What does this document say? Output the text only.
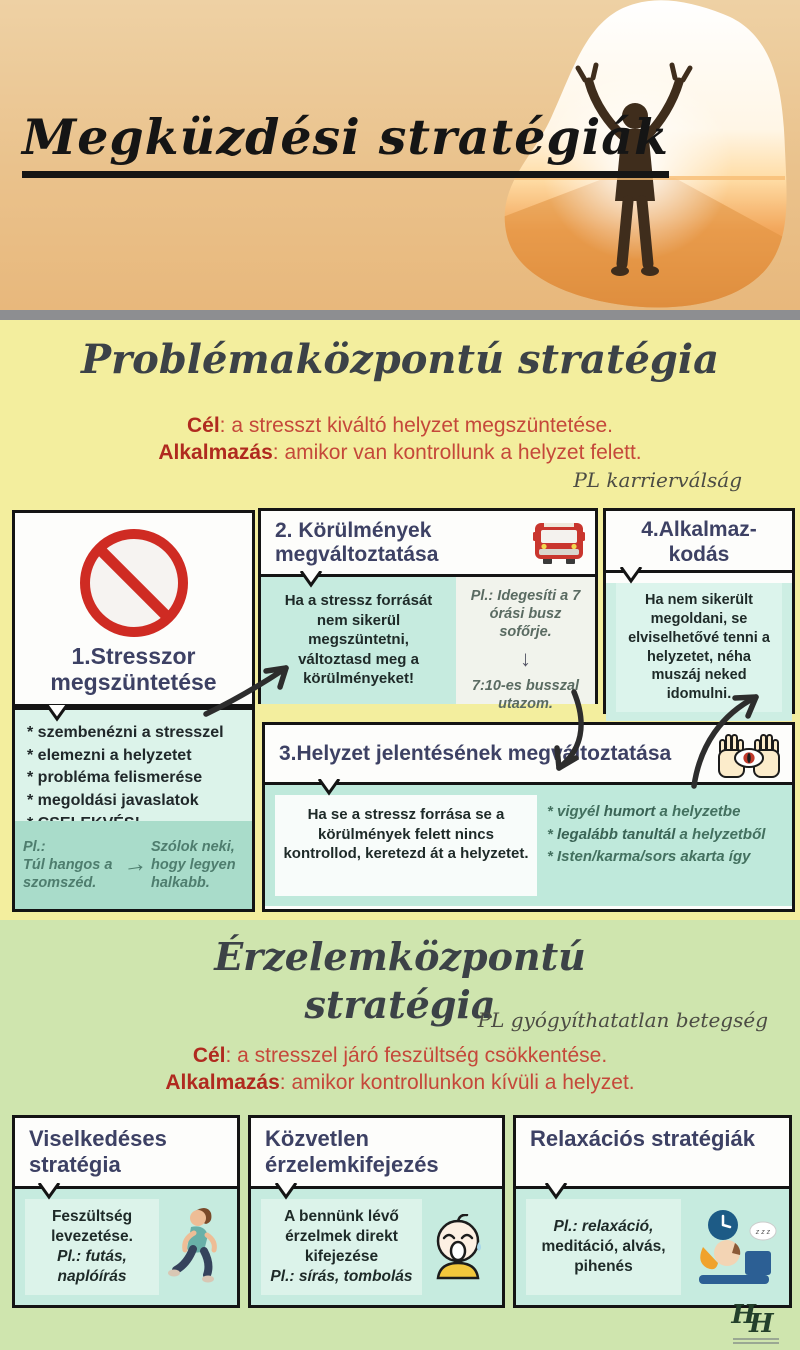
Megküzdési stratégiák
Problémaközpontú stratégia

Cél: a stresszt kiváltó helyzet megszüntetése.

Alkalmazás: amikor van kontrollunk a helyzet felett.

PL karrierválság
1.Stresszor megszüntetése
* szembenézni a stresszel
* elemezni a helyzetet
* probléma felismerése
* megoldási javaslatok
Pl.:
Túl hangos a szomszéd.
→
Szólok neki, hogy legyen halkabb.
2. Körülmények megváltoztatása
Ha a stressz forrását nem sikerül megszüntetni, változtasd meg a körülményeket!
Pl.: Idegesíti a 7 órási busz sofőrje.
↓
7:10-es busszal utazom.
4.Alkalmaz-
kodás
Ha nem sikerült megoldani, se elviselhetővé tenni a helyzetet, néha muszáj neked idomulni.
3.Helyzet jelentésének megváltoztatása
Ha se a stressz forrása se a körülmények felett nincs kontrollod, keretezd át a helyzetet.
* vigyél humort a helyzetbe
* legalább tanultál a helyzetből
* Isten/karma/sors akarta így
Érzelemközpontú
stratégia
PL gyógyíthatatlan betegség

Cél: a stresszel járó feszültség csökkentése.

Alkalmazás: amikor kontrollunkon kívüli a helyzet.

Viselkedéses stratégia
Feszültség levezetése.
Pl.: futás, naplóírás
Közvetlen érzelemkifejezés
A bennünk lévő érzelmek direkt kifejezése
Pl.: sírás, tombolás
Relaxációs stratégiák
Pl.: relaxáció,
meditáció, alvás, pihenés
z z z
HH
